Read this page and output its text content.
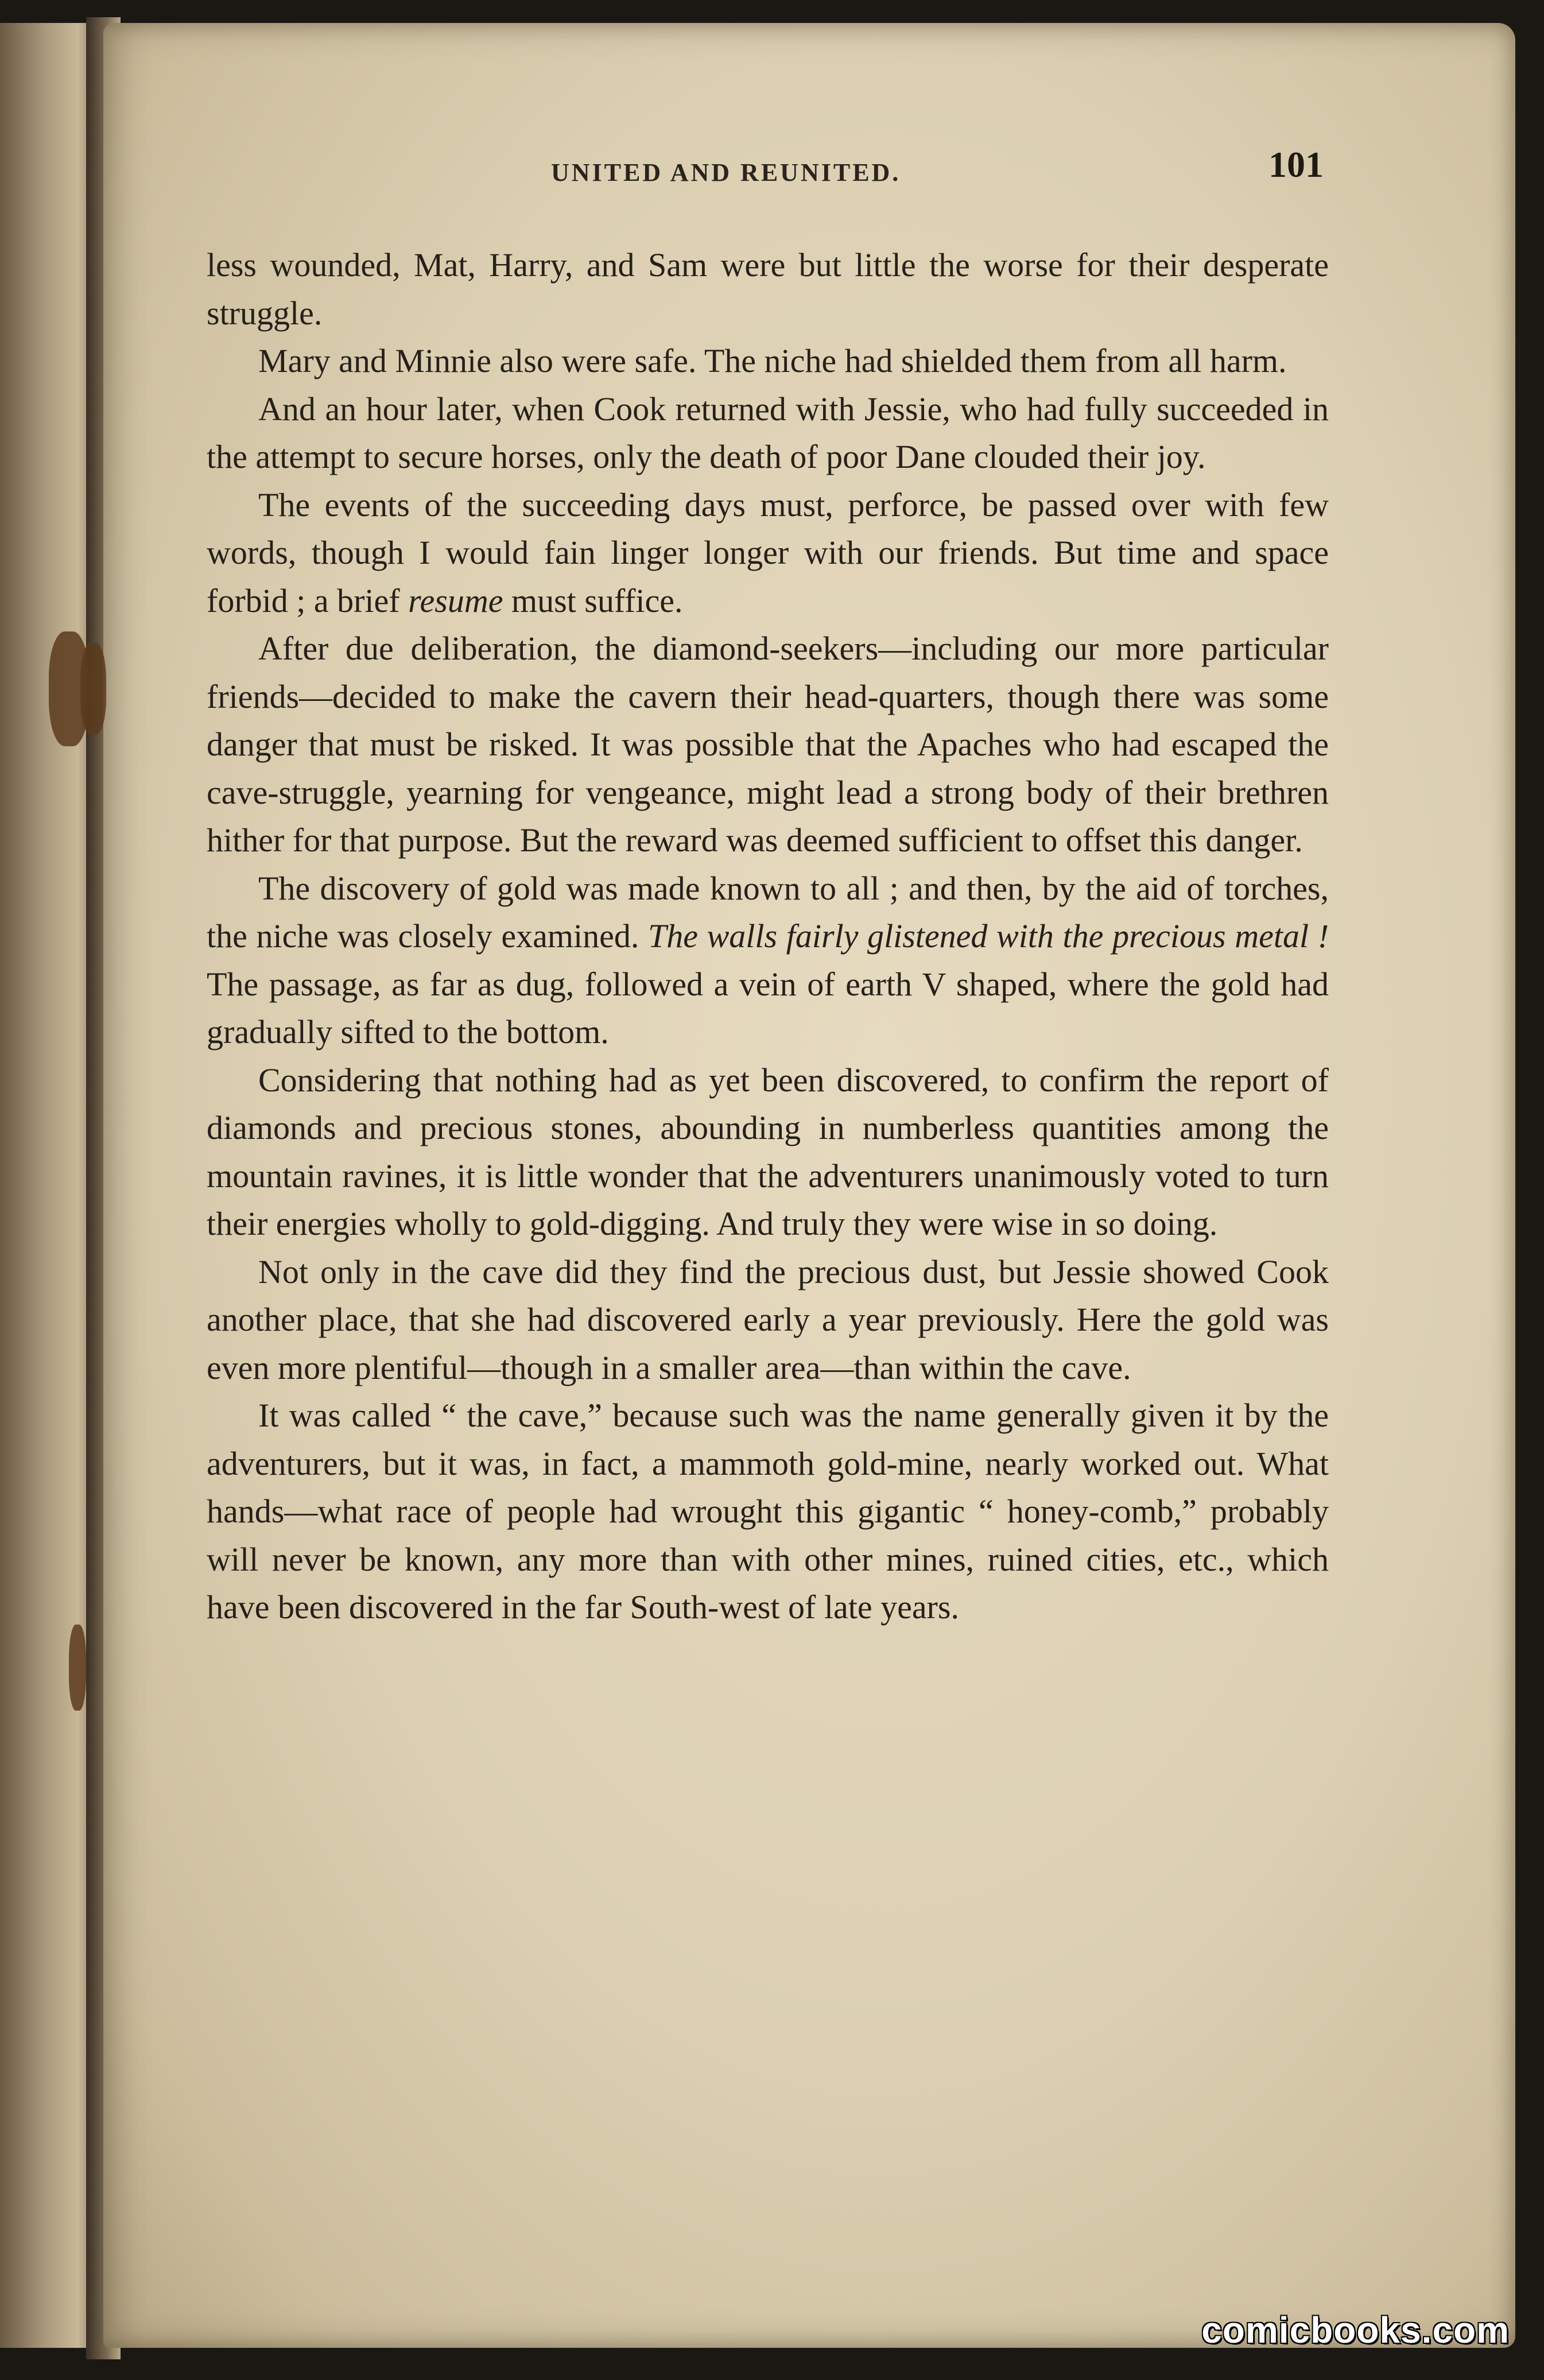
UNITED AND REUNITED.	101

less wounded, Mat, Harry, and Sam were but little the worse for their desperate struggle.

Mary and Minnie also were safe. The niche had shielded them from all harm.

And an hour later, when Cook returned with Jessie, who had fully succeeded in the attempt to secure horses, only the death of poor Dane clouded their joy.

The events of the succeeding days must, perforce, be passed over with few words, though I would fain linger longer with our friends. But time and space forbid ; a brief resume must suffice.

After due deliberation, the diamond-seekers—including our more particular friends—decided to make the cavern their head-quarters, though there was some danger that must be risked. It was possible that the Apaches who had escaped the cave-struggle, yearning for vengeance, might lead a strong body of their brethren hither for that purpose. But the reward was deemed sufficient to offset this danger.

The discovery of gold was made known to all ; and then, by the aid of torches, the niche was closely examined. The walls fairly glistened with the precious metal ! The passage, as far as dug, followed a vein of earth V shaped, where the gold had gradually sifted to the bottom.

Considering that nothing had as yet been discovered, to confirm the report of diamonds and precious stones, abounding in numberless quantities among the mountain ravines, it is little wonder that the adventurers unanimously voted to turn their energies wholly to gold-digging. And truly they were wise in so doing.

Not only in the cave did they find the precious dust, but Jessie showed Cook another place, that she had discovered early a year previously. Here the gold was even more plentiful—though in a smaller area—than within the cave.

It was called “ the cave,” because such was the name generally given it by the adventurers, but it was, in fact, a mammoth gold-mine, nearly worked out. What hands—what race of people had wrought this gigantic “ honey-comb,” probably will never be known, any more than with other mines, ruined cities, etc., which have been discovered in the far South-west of late years.

comicbooks.com
